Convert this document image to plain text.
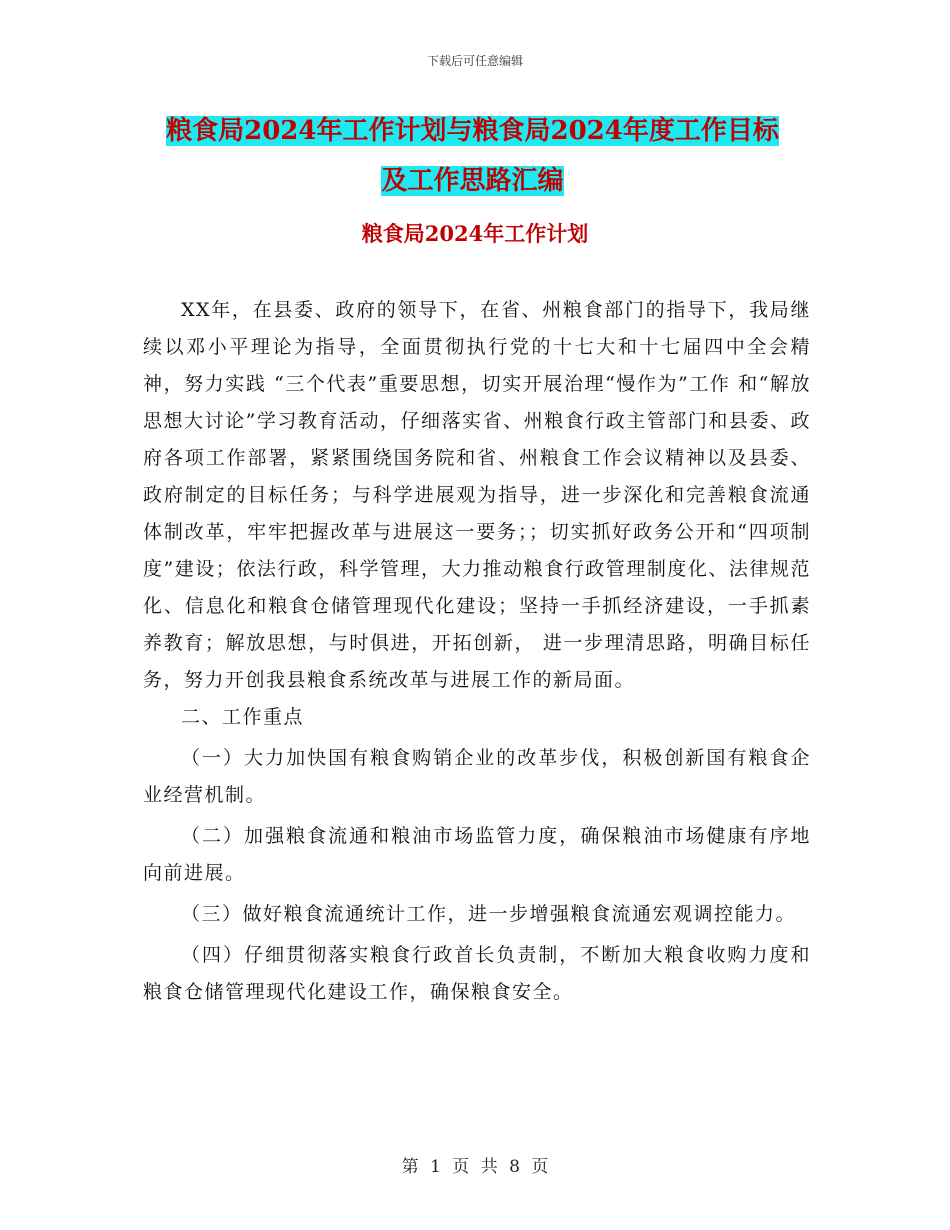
下载后可任意编辑
粮食局2024年工作计划与粮食局2024年度工作目标
及工作思路汇编
粮食局2024年工作计划

XX年，在县委、政府的领导下，在省、州粮食部门的指导下，我局继续以邓小平理论为指导，全面贯彻执行党的十七大和十七届四中全会精神，努力实践 “三个代表”重要思想，切实开展治理“慢作为”工作 和“解放思想大讨论”学习教育活动，仔细落实省、州粮食行政主管部门和县委、政府各项工作部署，紧紧围绕国务院和省、州粮食工作会议精神以及县委、政府制定的目标任务；与科学进展观为指导，进一步深化和完善粮食流通体制改革，牢牢把握改革与进展这一要务；；切实抓好政务公开和“四项制度”建设；依法行政，科学管理，大力推动粮食行政管理制度化、法律规范化、信息化和粮食仓储管理现代化建设；坚持一手抓经济建设，一手抓素养教育；解放思想，与时俱进，开拓创新， 进一步理清思路，明确目标任务，努力开创我县粮食系统改革与进展工作的新局面。

二、工作重点

（一）大力加快国有粮食购销企业的改革步伐，积极创新国有粮食企业经营机制。

（二）加强粮食流通和粮油市场监管力度，确保粮油市场健康有序地向前进展。

（三）做好粮食流通统计工作，进一步增强粮食流通宏观调控能力。

（四）仔细贯彻落实粮食行政首长负责制，不断加大粮食收购力度和粮食仓储管理现代化建设工作，确保粮食安全。

第 1 页 共 8 页
